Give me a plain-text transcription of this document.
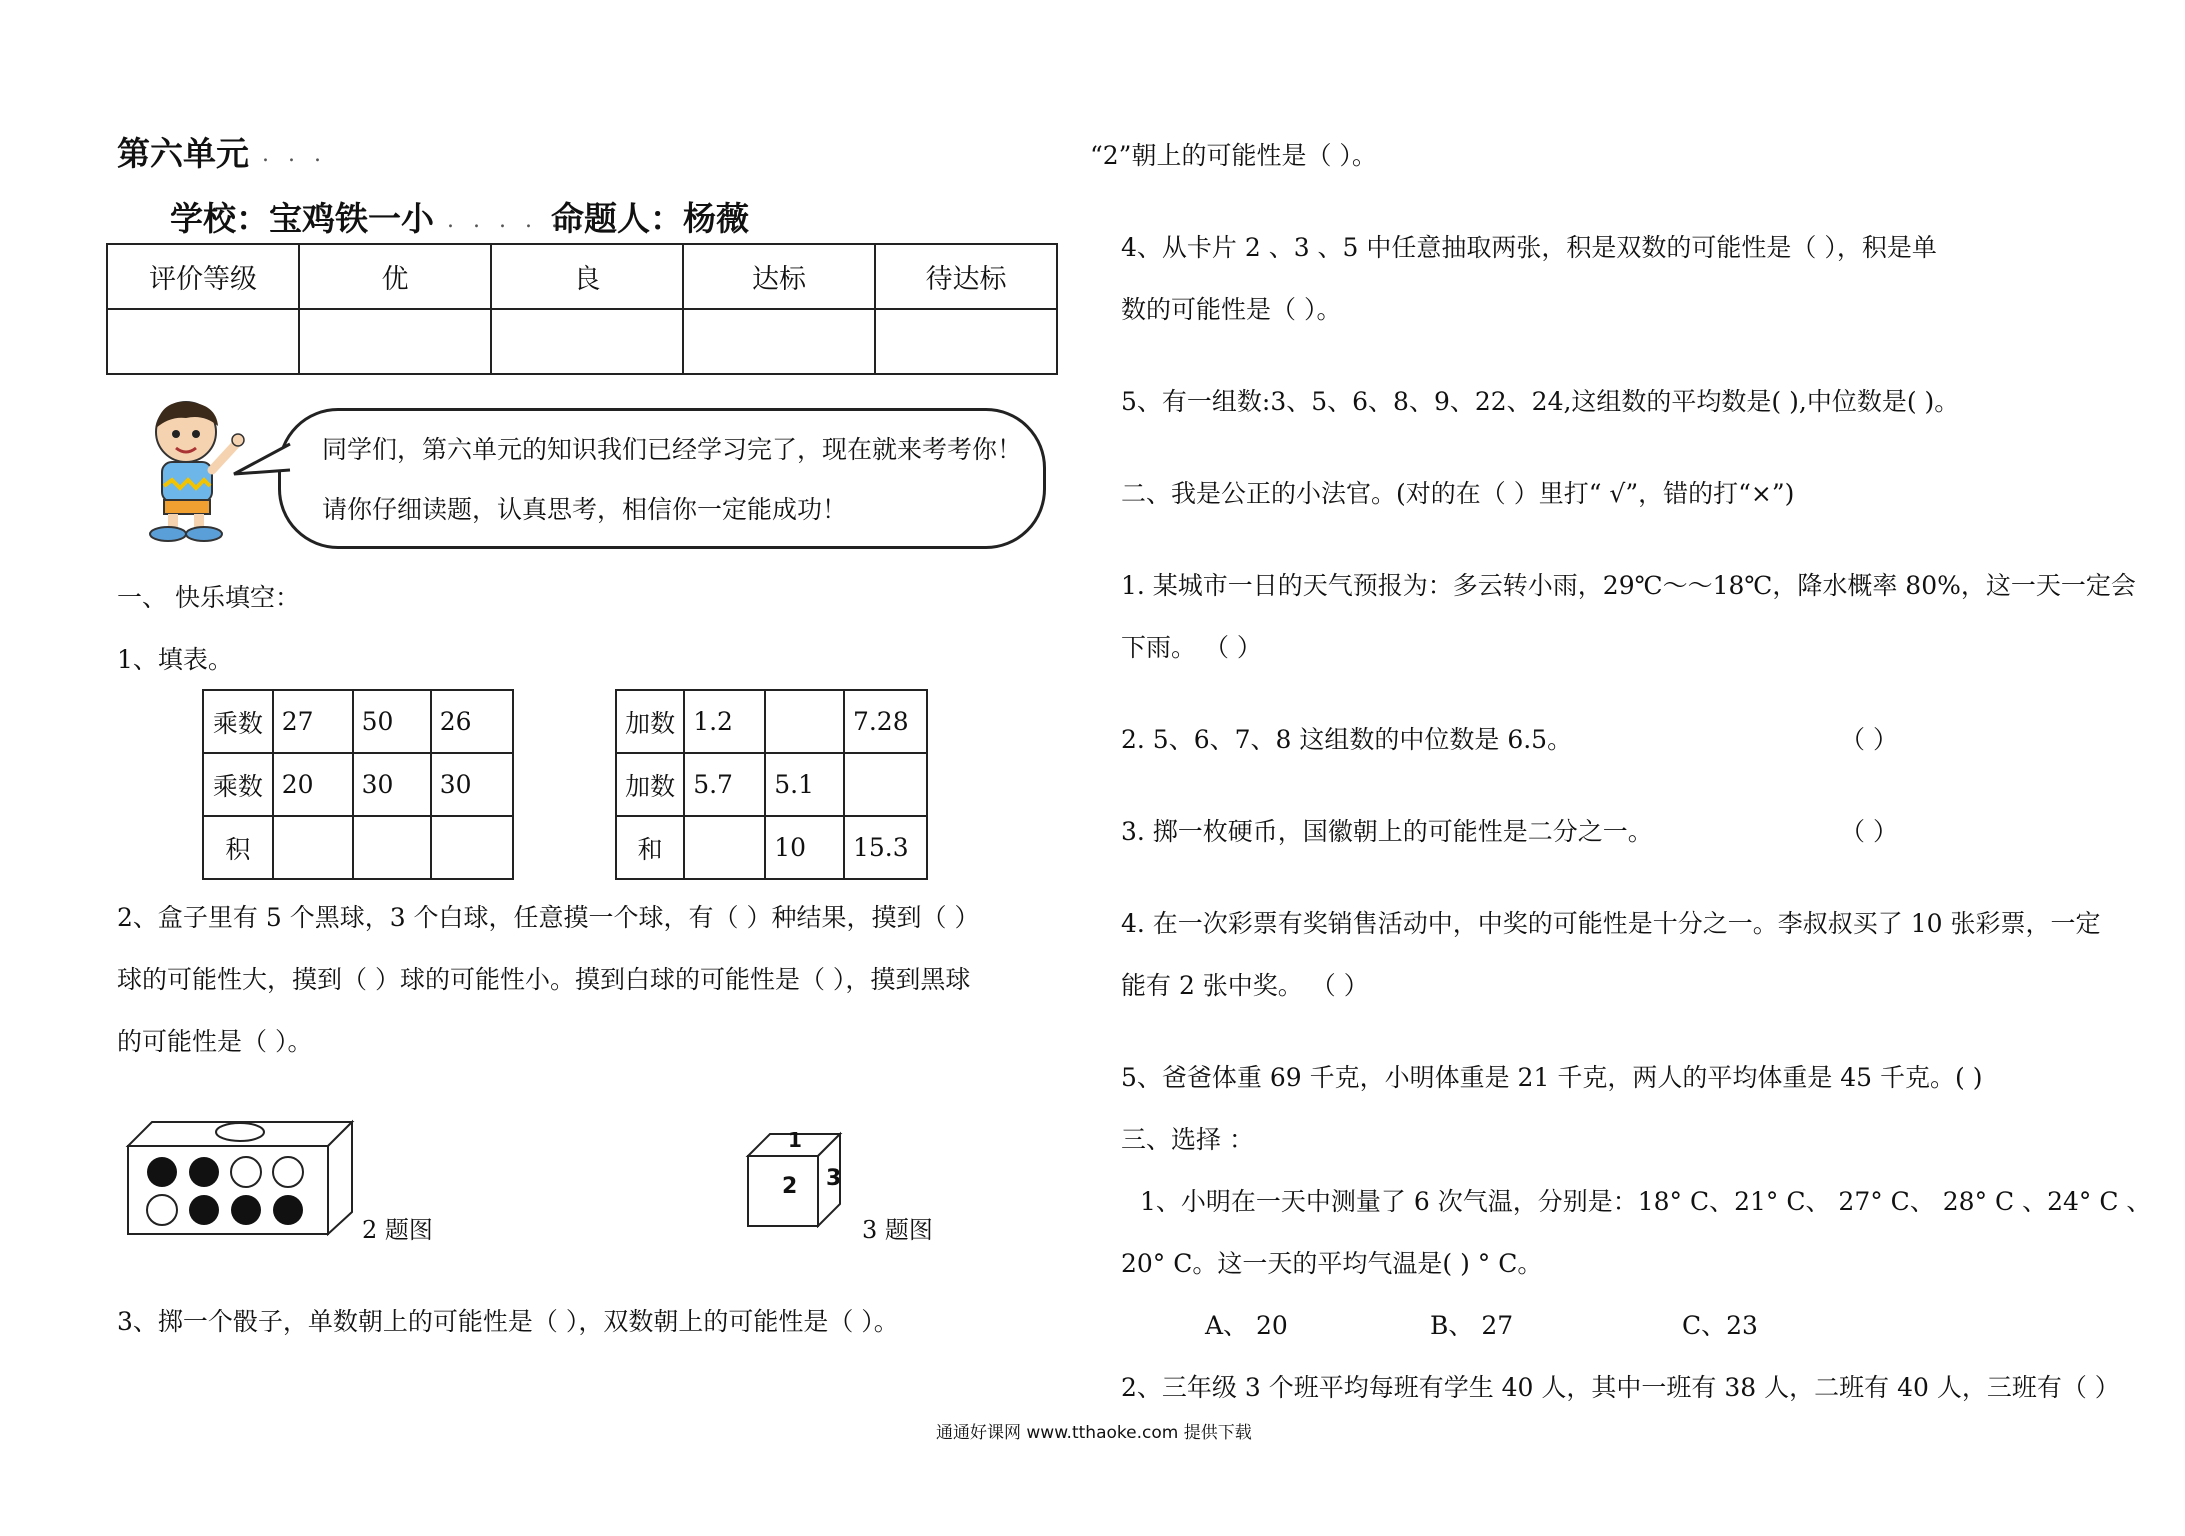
第六单元 . . .
学校：宝鸡铁一小 . . . . . .
命题人：杨薇
评价等级	优	良	达标	待达标

同学们，第六单元的知识我们已经学习完了，现在就来考考你！
请你仔细读题，认真思考，相信你一定能成功！
一、 快乐填空：
1、填表。
乘数	27	50	26
乘数	20	30	30
积			
加数	1.2		7.28
加数	5.7	5.1	
和		10	15.3
2、盒子里有 5 个黑球，3 个白球，任意摸一个球，有（ ）种结果，摸到（ ）
球的可能性大，摸到（ ）球的可能性小。摸到白球的可能性是（ ），摸到黑球
的可能性是（ ）。
2 题图
1
2 3
3 题图
3、掷一个骰子，单数朝上的可能性是（ ），双数朝上的可能性是（ ）。
“2”朝上的可能性是（ ）。
4、从卡片 2 、3 、5 中任意抽取两张，积是双数的可能性是（ ），积是单
数的可能性是（ ）。
5、有一组数:3、5、6、8、9、22、24,这组数的平均数是( ),中位数是( )。
二、我是公正的小法官。(对的在（ ）里打“ √”，错的打“×”)
1. 某城市一日的天气预报为：多云转小雨，29℃～～18℃，降水概率 80%，这一天一定会
下雨。 （ ）
2. 5、6、7、8 这组数的中位数是 6.5。	（ ）
3. 掷一枚硬币，国徽朝上的可能性是二分之一。	（ ）
4. 在一次彩票有奖销售活动中，中奖的可能性是十分之一。李叔叔买了 10 张彩票，一定
能有 2 张中奖。 （ ）
5、爸爸体重 69 千克，小明体重是 21 千克，两人的平均体重是 45 千克。( )
三、选择 ：
1、小明在一天中测量了 6 次气温，分别是：18° C、21° C、 27° C、 28° C 、24° C 、
20° C。这一天的平均气温是( ) ° C。
A、 20	B、 27	C、23
2、三年级 3 个班平均每班有学生 40 人，其中一班有 38 人，二班有 40 人，三班有（ ）
通通好课网 www.tthaoke.com 提供下载
